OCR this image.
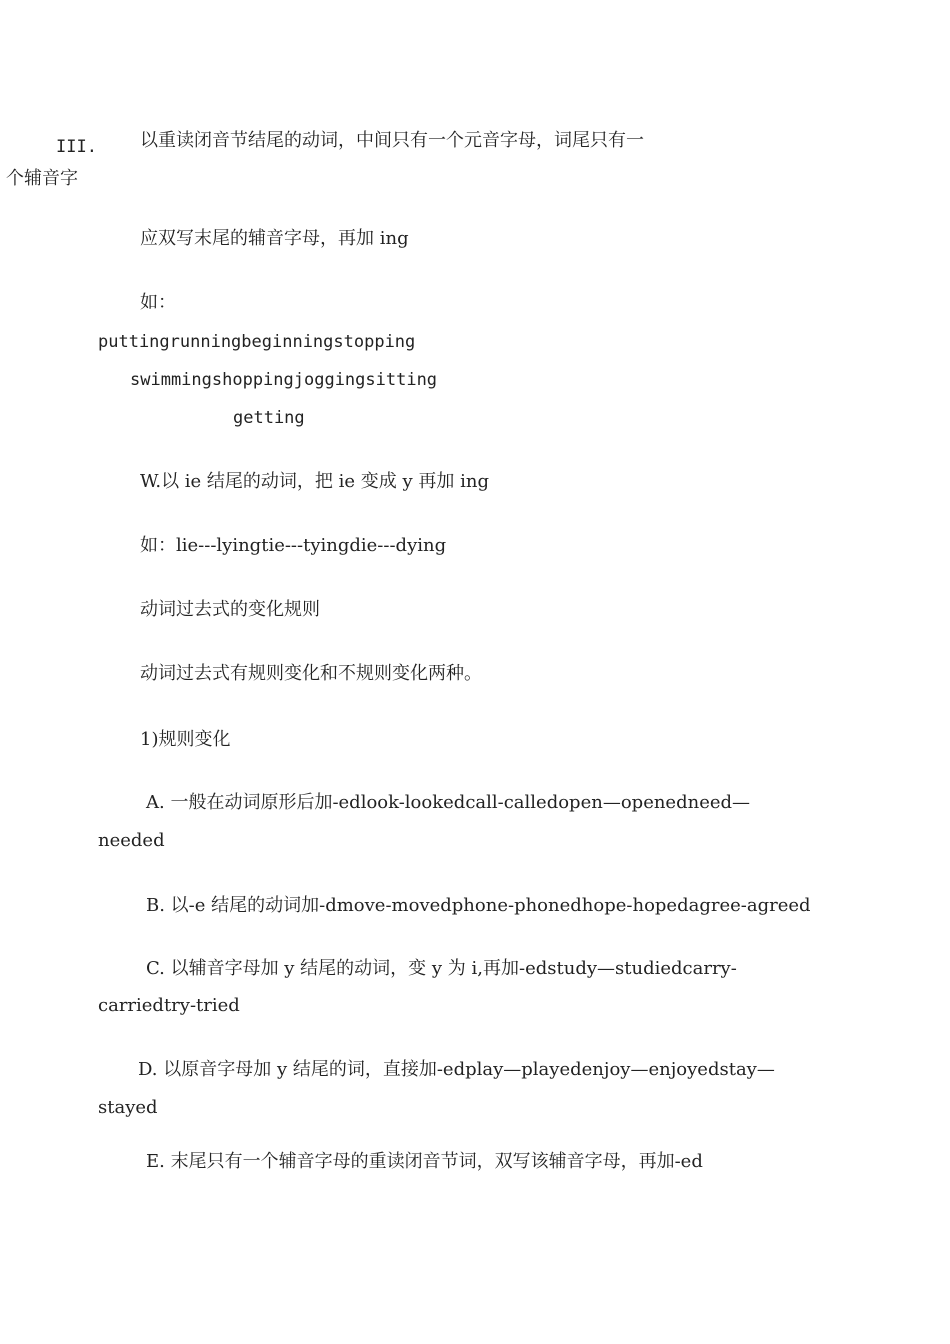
III. 以重读闭音节结尾的动词，中间只有一个元音字母，词尾只有一
个辅音字
应双写末尾的辅音字母，再加 ing
如：
puttingrunningbeginningstopping
swimmingshoppingjoggingsitting
getting
W.以 ie 结尾的动词，把 ie 变成 y 再加 ing
如：lie---lyingtie---tyingdie---dying
动词过去式的变化规则
动词过去式有规则变化和不规则变化两种。
1)规则变化
A. 一般在动词原形后加-edlook-lookedcall-calledopen—openedneed—
needed
B. 以-e 结尾的动词加-dmove-movedphone-phonedhope-hopedagree-agreed
C. 以辅音字母加 y 结尾的动词，变 y 为 i,再加-edstudy—studiedcarry-
carriedtry-tried
D. 以原音字母加 y 结尾的词，直接加-edplay—playedenjoy—enjoyedstay—
stayed
E. 末尾只有一个辅音字母的重读闭音节词，双写该辅音字母，再加-ed
